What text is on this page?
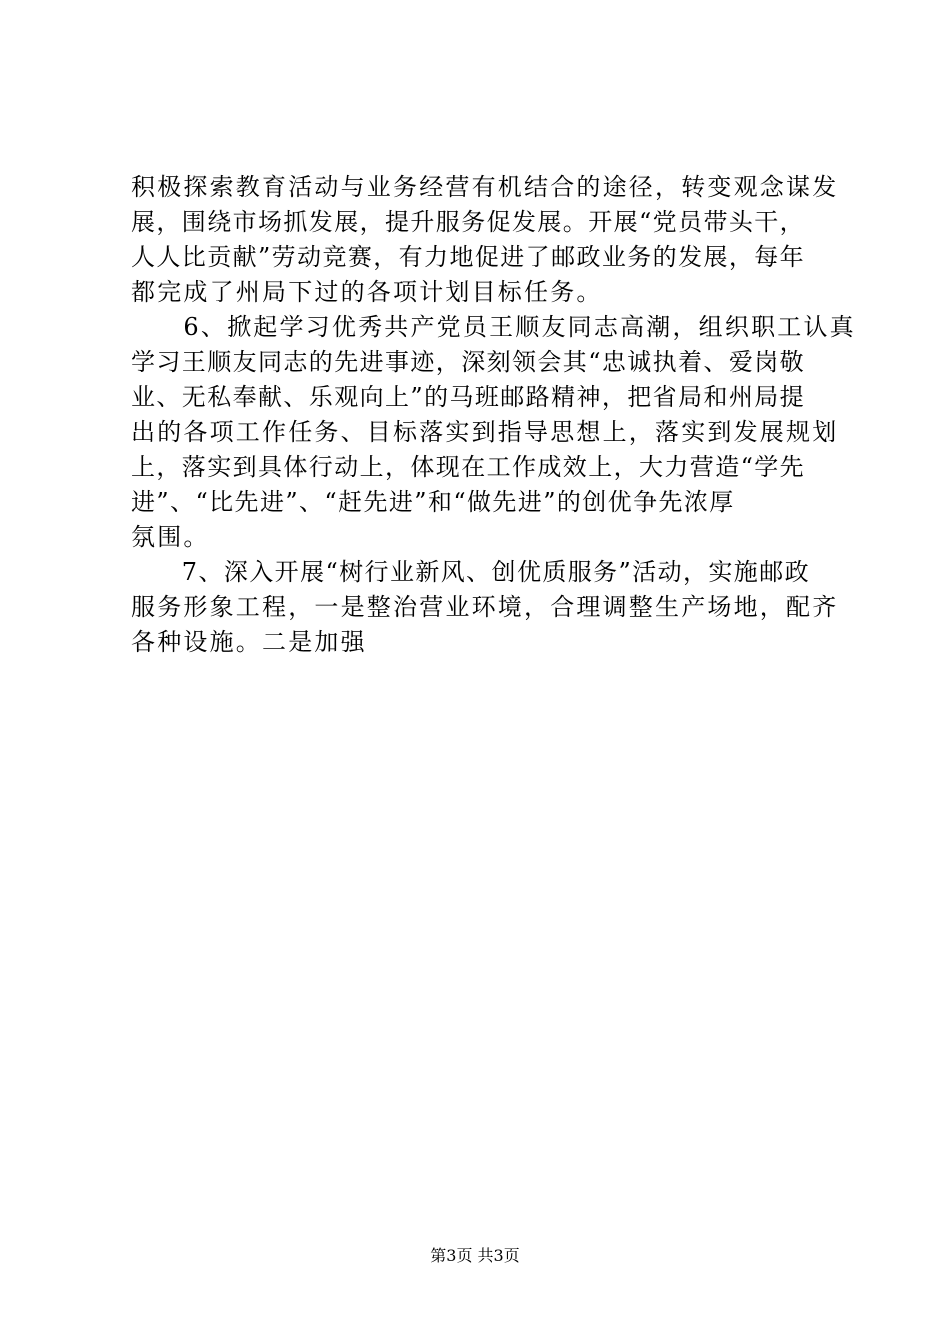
积极探索教育活动与业务经营有机结合的途径，转变观念谋发
展，围绕市场抓发展，提升服务促发展。开展“党员带头干，
人人比贡献”劳动竞赛，有力地促进了邮政业务的发展，每年
都完成了州局下过的各项计划目标任务。
　　6、掀起学习优秀共产党员王顺友同志高潮，组织职工认真
学习王顺友同志的先进事迹，深刻领会其“忠诚执着、爱岗敬
业、无私奉献、乐观向上”的马班邮路精神，把省局和州局提
出的各项工作任务、目标落实到指导思想上，落实到发展规划
上，落实到具体行动上，体现在工作成效上，大力营造“学先
进”、“比先进”、“赶先进”和“做先进”的创优争先浓厚
氛围。
　　7、深入开展“树行业新风、创优质服务”活动，实施邮政
服务形象工程，一是整治营业环境，合理调整生产场地，配齐
各种设施。二是加强
第3页 共3页
